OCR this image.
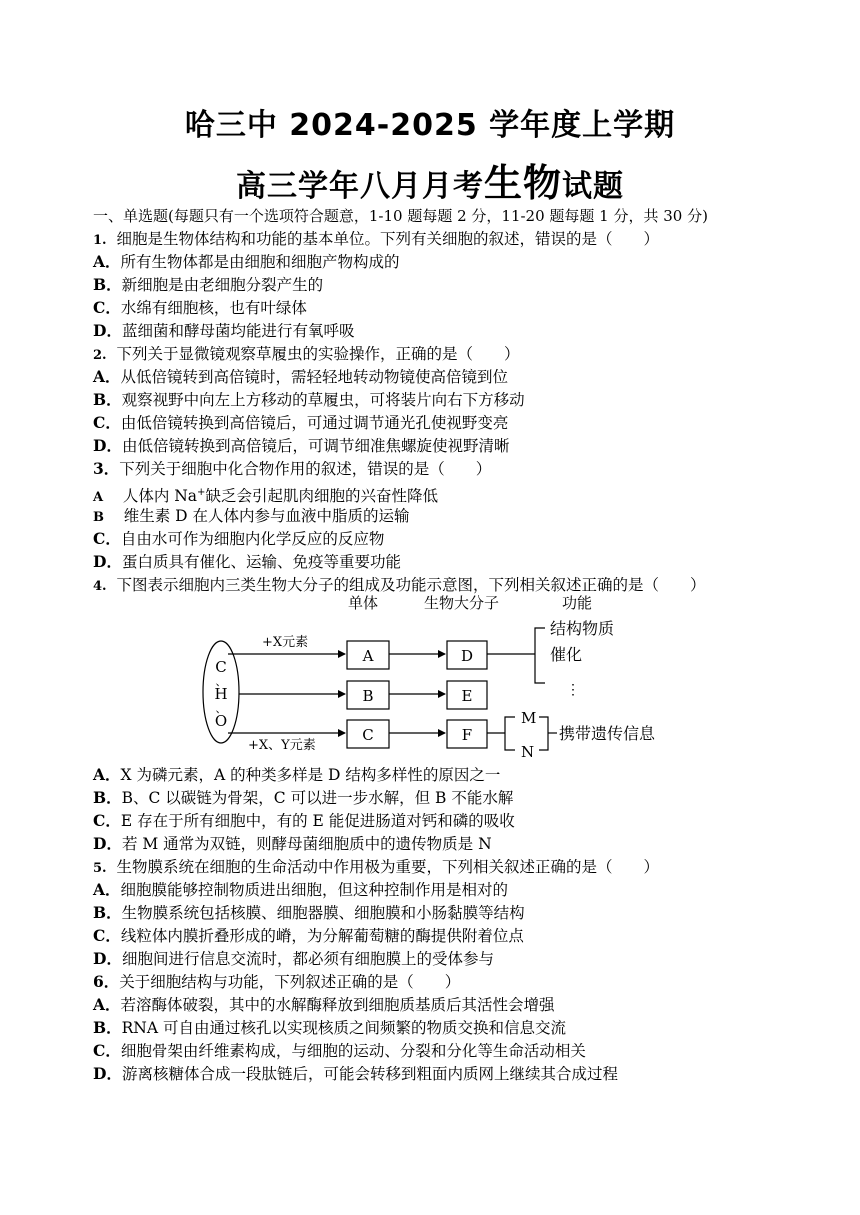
哈三中 2024-2025 学年度上学期
高三学年八月月考生物试题
一、单选题(每题只有一个选项符合题意，1-10 题每题 2 分，11-20 题每题 1 分，共 30 分)
1. 细胞是生物体结构和功能的基本单位。下列有关细胞的叙述，错误的是（　　）
A．所有生物体都是由细胞和细胞产物构成的
B．新细胞是由老细胞分裂产生的
C．水绵有细胞核，也有叶绿体
D．蓝细菌和酵母菌均能进行有氧呼吸
2. 下列关于显微镜观察草履虫的实验操作，正确的是（　　）
A．从低倍镜转到高倍镜时，需轻轻地转动物镜使高倍镜到位
B．观察视野中向左上方移动的草履虫，可将装片向右下方移动
C．由低倍镜转换到高倍镜后，可通过调节通光孔使视野变亮
D．由低倍镜转换到高倍镜后，可调节细准焦螺旋使视野清晰
3．下列关于细胞中化合物作用的叙述，错误的是（　　）
A 人体内 Na+缺乏会引起肌肉细胞的兴奋性降低
B 维生素 D 在人体内参与血液中脂质的运输
C．自由水可作为细胞内化学反应的反应物
D．蛋白质具有催化、运输、免疫等重要功能
4. 下图表示细胞内三类生物大分子的组成及功能示意图，下列相关叙述正确的是（　　）
单体	生物大分子	功能
C
、
H
、
O
+X元素
+X、Y元素
A
B
C
D
E
F
结构物质
催化
⋮
M
N
携带遗传信息
A．X 为磷元素，A 的种类多样是 D 结构多样性的原因之一
B．B、C 以碳链为骨架，C 可以进一步水解，但 B 不能水解
C．E 存在于所有细胞中，有的 E 能促进肠道对钙和磷的吸收
D．若 M 通常为双链，则酵母菌细胞质中的遗传物质是 N
5. 生物膜系统在细胞的生命活动中作用极为重要，下列相关叙述正确的是（　　）
A．细胞膜能够控制物质进出细胞，但这种控制作用是相对的
B．生物膜系统包括核膜、细胞器膜、细胞膜和小肠黏膜等结构
C．线粒体内膜折叠形成的嵴，为分解葡萄糖的酶提供附着位点
D．细胞间进行信息交流时，都必须有细胞膜上的受体参与
6．关于细胞结构与功能，下列叙述正确的是（　　）
A．若溶酶体破裂，其中的水解酶释放到细胞质基质后其活性会增强
B．RNA 可自由通过核孔以实现核质之间频繁的物质交换和信息交流
C．细胞骨架由纤维素构成，与细胞的运动、分裂和分化等生命活动相关
D．游离核糖体合成一段肽链后，可能会转移到粗面内质网上继续其合成过程
